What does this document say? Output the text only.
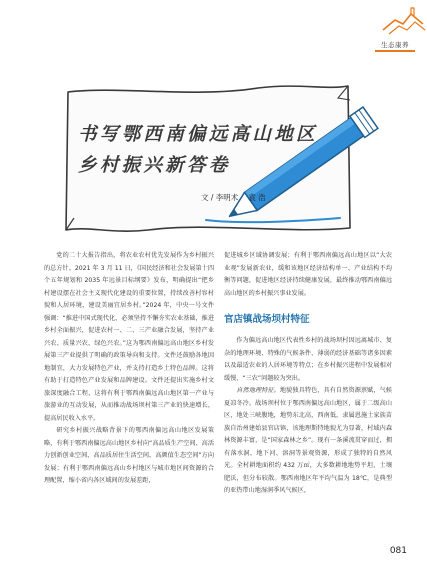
生态康养
书写鄂西南偏远高山地区
乡村振兴新答卷
文 / 李明术 袁 浩

党的二十大报告指出，将农业农村优先发展作为乡村振兴的总方针。2021 年 3 月 11 日，《国民经济和社会发展第十四个五年规划和 2035 年远景目标纲要》发布，明确提出“把乡村建设摆在社会主义现代化建设的重要位置，持续改善村容村貌和人居环境，建设美丽宜居乡村。”2024 年，中央一号文件强调：“推进中国式现代化，必须坚持不懈夯实农业基础，推进乡村全面振兴，促进农村一、二、三产业融合发展，坚持产业兴农、质量兴农、绿色兴农。”这为鄂西南偏远高山地区乡村发展第三产业提供了明确的政策导向和支持。文件还鼓励各地因地制宜，大力发展特色产业，并支持打造乡土特色品牌。这将有助于打造特色产业发展和品牌建设。文件还提出实施乡村文旅深度融合工程，这将有利于鄂西南偏远高山地区第一产业与旅游业的互动发展，从而推动战场坝村第三产业的快速增长，提高居民收入水平。

研究乡村振兴战略背景下的鄂西南偏远高山地区发展策略，有利于鄂西南偏远高山地区乡村向“高品质生产空间、高活力创新创业空间、高品质居住生活空间、高颜值生态空间”方向发展；有利于鄂西南偏远高山乡村地区与城市地区间资源的合理配置，缩小省内各区域间的发展差距，

促进城乡区域协调发展；有利于鄂西南偏远高山地区以“大农业观”发展新农业，缓和该地区经济结构单一、产业结构不均衡等问题，促进地区经济持续健康发展，最终推动鄂西南偏远高山地区的乡村振兴事业发展。

官店镇战场坝村特征

作为偏远高山地区代表性乡村的战场坝村因远离城市、复杂的地理环境、特殊的气候条件、薄弱的经济基础等诸多因素以及最适农业的人居环境等特点；在乡村振兴进程中发展相对缓慢，“三农”问题较为突出。

自然地理特征。地貌独具特色，具有自然资源禀赋，气候夏凉冬冷。战场坝村位于鄂西南偏远高山地区，属于二级高山区，地处三峡腹地，地势东北高，西南低，隶属恩施土家族苗族自治州建始县官店镇，该地理斯特地貌尤为显著，村域内森林资源丰富，是“国家森林之乡”。现有一条溪流贯穿而过，拥有落水洞、地下河、溶洞等景观资源，形成了独特的自然风光。全村耕地面积约 432 万㎡，大多数耕地地势平坦，土壤肥沃，但分布较散。鄂西南地区年平均气温为 18℃，是典型的亚热带山地湿润季风气候区，

081
